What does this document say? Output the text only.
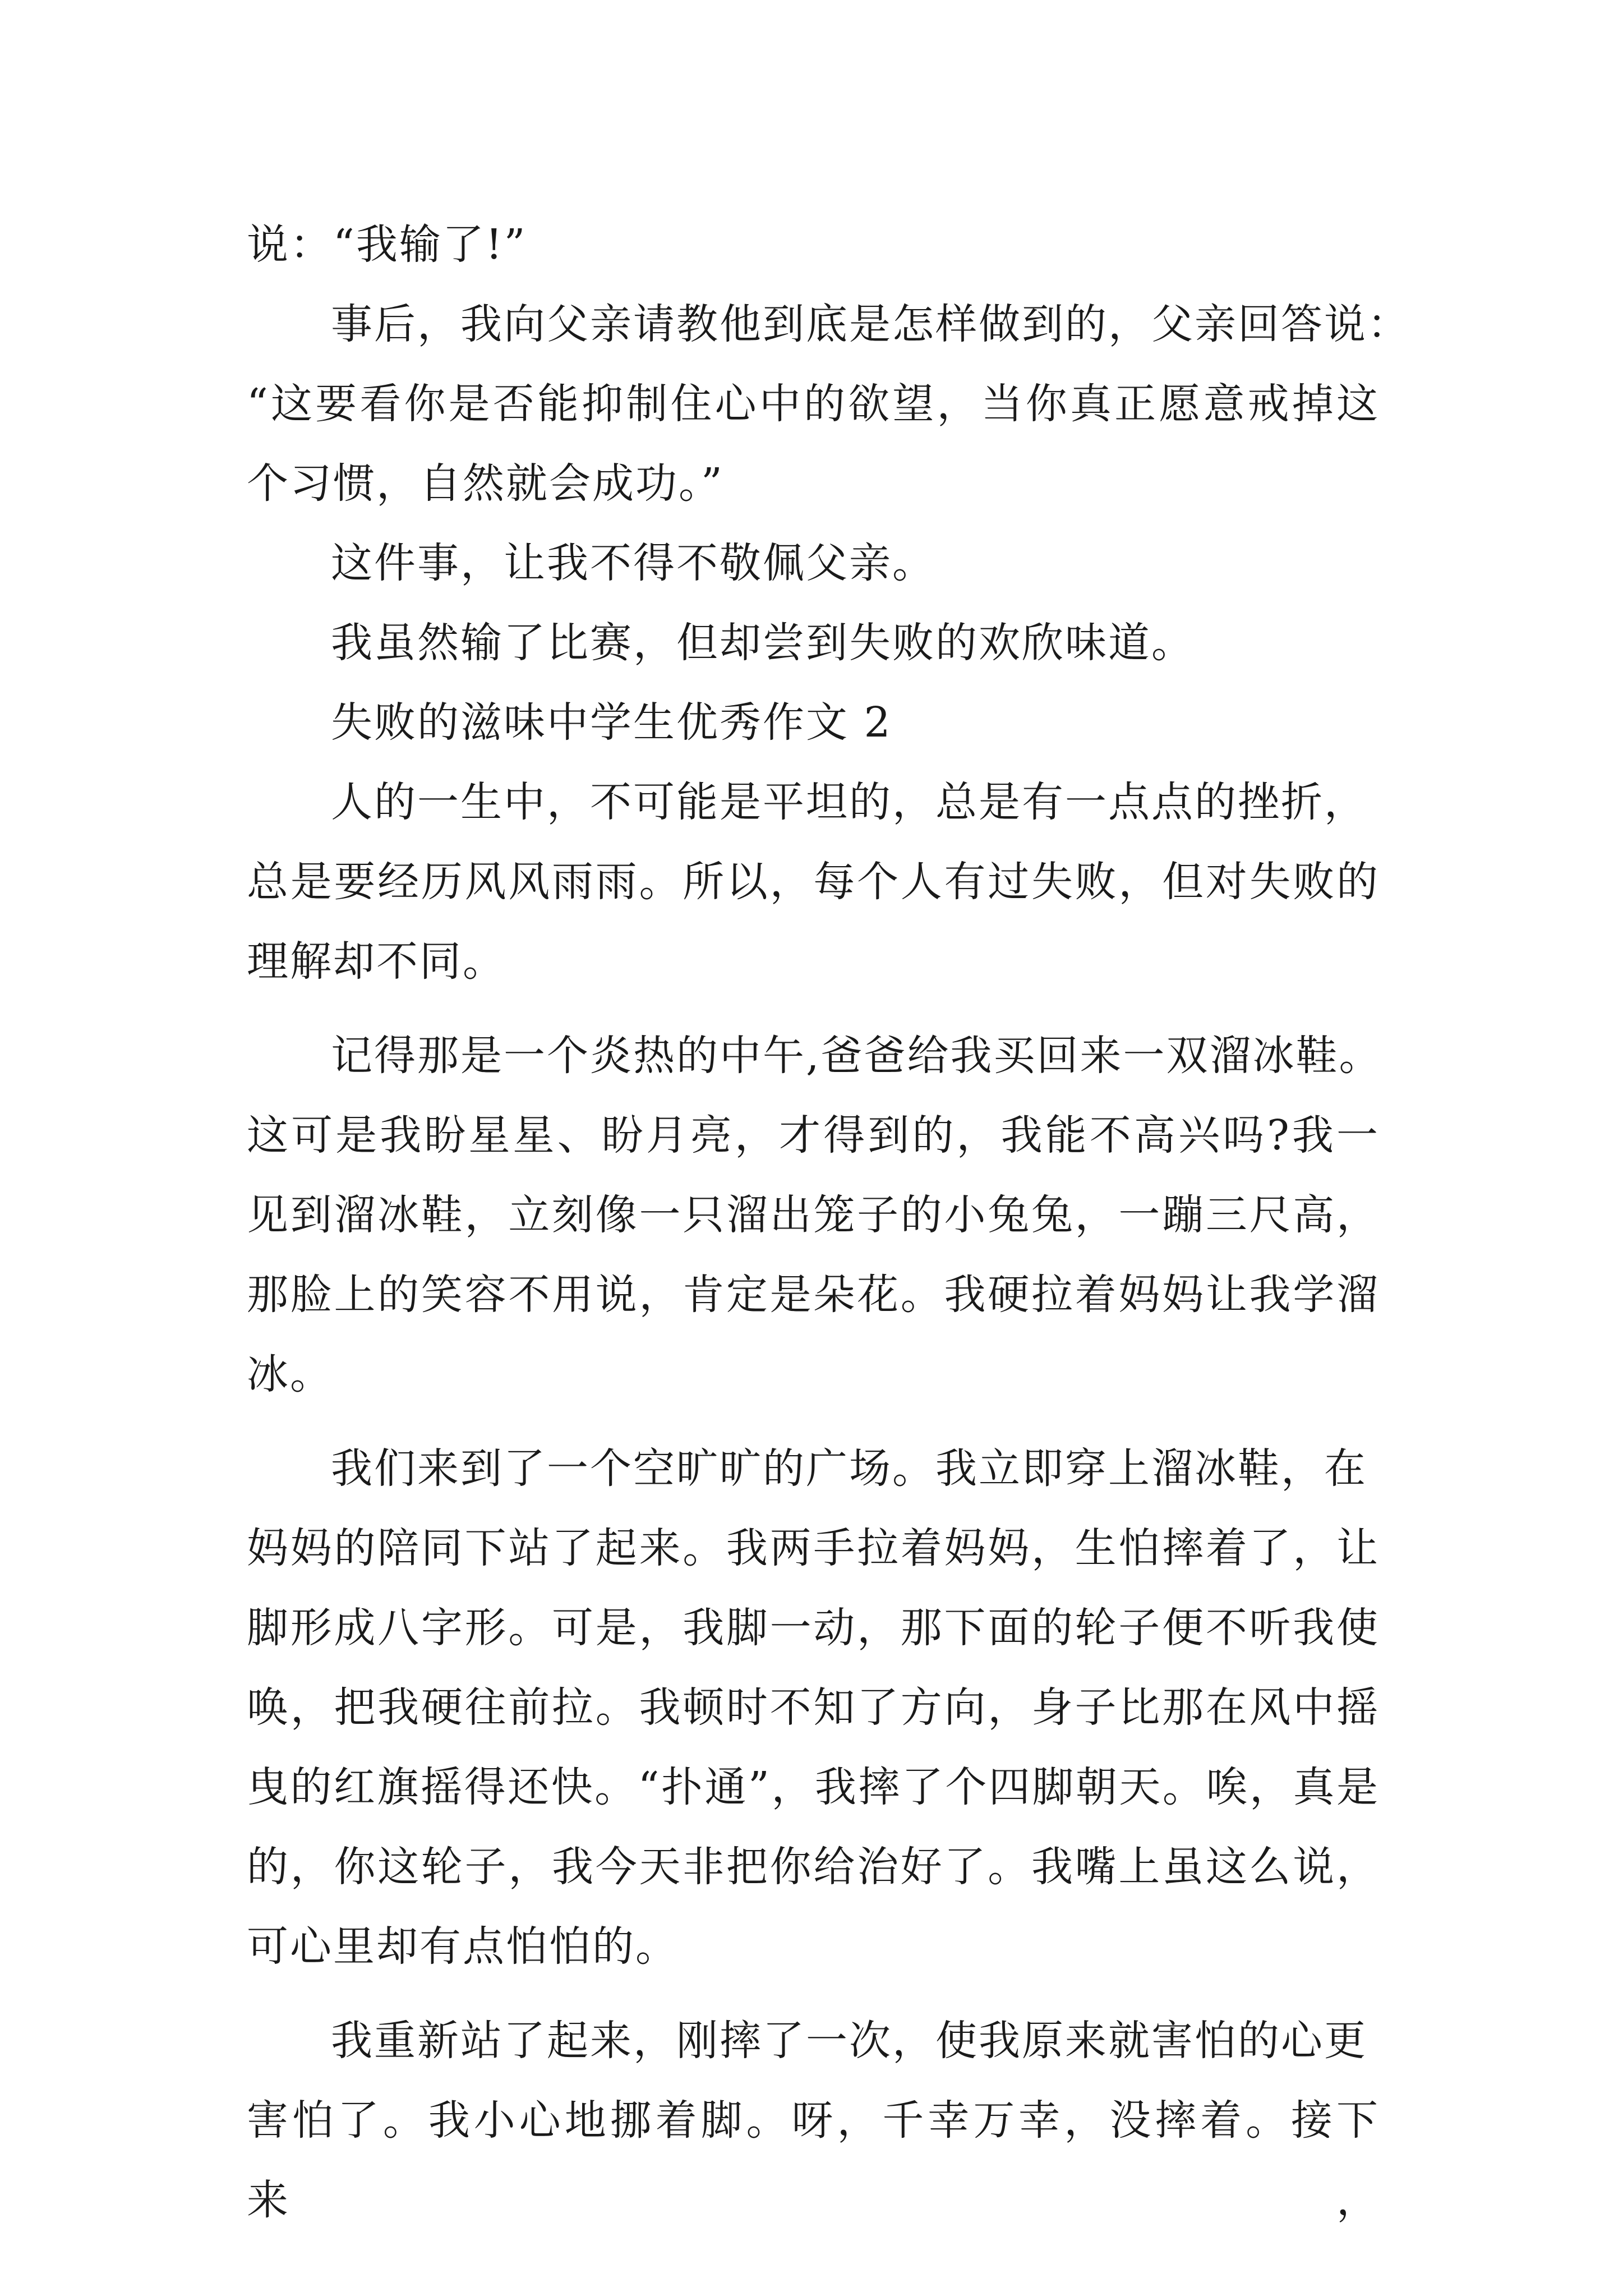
说：“我输了!”
事后，我向父亲请教他到底是怎样做到的，父亲回答说：
“这要看你是否能抑制住心中的欲望，当你真正愿意戒掉这
个习惯，自然就会成功。”
这件事，让我不得不敬佩父亲。
我虽然输了比赛，但却尝到失败的欢欣味道。
失败的滋味中学生优秀作文 2
人的一生中，不可能是平坦的，总是有一点点的挫折，
总是要经历风风雨雨。所以，每个人有过失败，但对失败的
理解却不同。
记得那是一个炎热的中午,爸爸给我买回来一双溜冰鞋。
这可是我盼星星、盼月亮，才得到的，我能不高兴吗?我一
见到溜冰鞋，立刻像一只溜出笼子的小兔兔，一蹦三尺高，
那脸上的笑容不用说，肯定是朵花。我硬拉着妈妈让我学溜
冰。
我们来到了一个空旷旷的广场。我立即穿上溜冰鞋，在
妈妈的陪同下站了起来。我两手拉着妈妈，生怕摔着了，让
脚形成八字形。可是，我脚一动，那下面的轮子便不听我使
唤，把我硬往前拉。我顿时不知了方向，身子比那在风中摇
曳的红旗摇得还快。“扑通”，我摔了个四脚朝天。唉，真是
的，你这轮子，我今天非把你给治好了。我嘴上虽这么说，
可心里却有点怕怕的。
我重新站了起来，刚摔了一次，使我原来就害怕的心更
害怕了。我小心地挪着脚。呀，千幸万幸，没摔着。接下来，
